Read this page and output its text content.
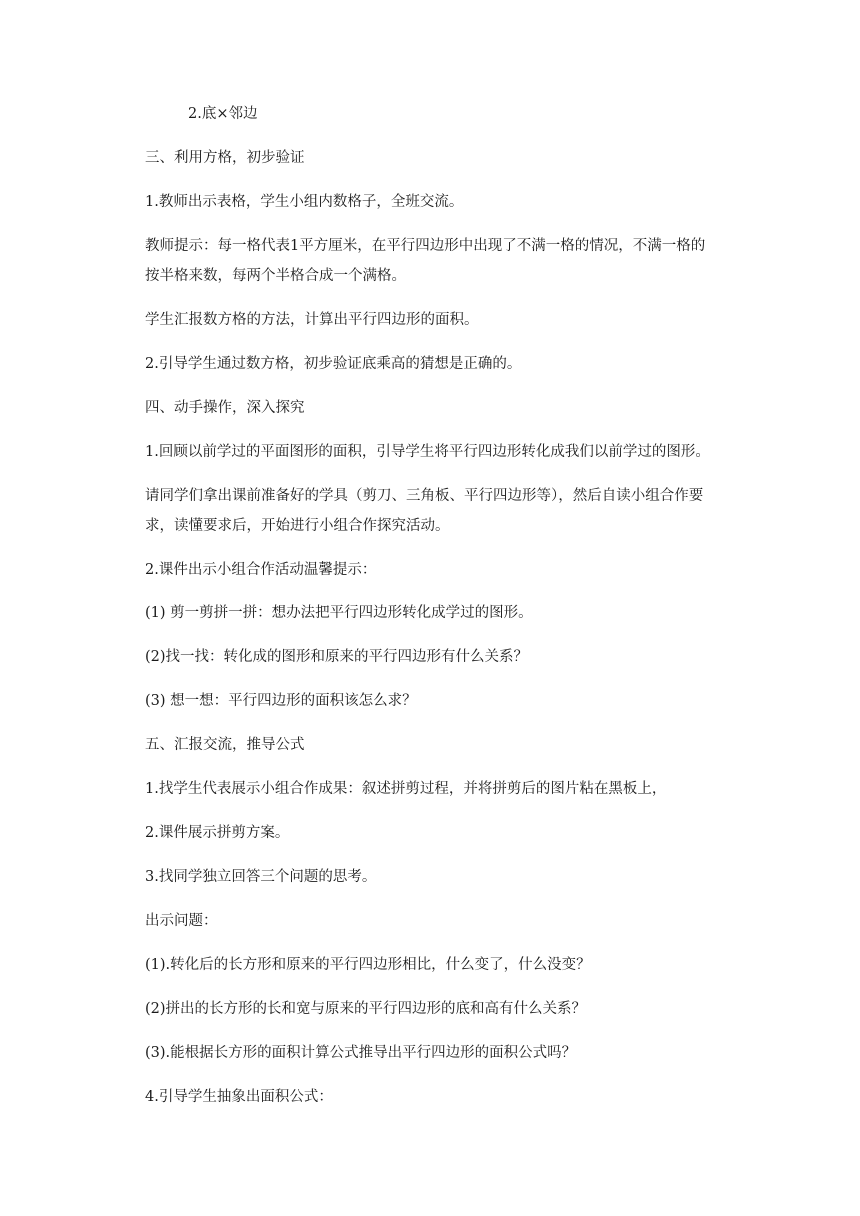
2.底×邻边
三、利用方格，初步验证
1.教师出示表格，学生小组内数格子，全班交流。
教师提示：每一格代表1平方厘米，在平行四边形中出现了不满一格的情况，不满一格的
按半格来数，每两个半格合成一个满格。
学生汇报数方格的方法，计算出平行四边形的面积。
2.引导学生通过数方格，初步验证底乘高的猜想是正确的。
四、动手操作，深入探究
1.回顾以前学过的平面图形的面积，引导学生将平行四边形转化成我们以前学过的图形。
请同学们拿出课前准备好的学具（剪刀、三角板、平行四边形等），然后自读小组合作要
求，读懂要求后，开始进行小组合作探究活动。
2.课件出示小组合作活动温馨提示：
(1) 剪一剪拼一拼：想办法把平行四边形转化成学过的图形。
(2)找一找：转化成的图形和原来的平行四边形有什么关系？
(3) 想一想：平行四边形的面积该怎么求？
五、汇报交流，推导公式
1.找学生代表展示小组合作成果：叙述拼剪过程，并将拼剪后的图片粘在黑板上，
2.课件展示拼剪方案。
3.找同学独立回答三个问题的思考。
出示问题：
(1).转化后的长方形和原来的平行四边形相比，什么变了，什么没变？
(2)拼出的长方形的长和宽与原来的平行四边形的底和高有什么关系？
(3).能根据长方形的面积计算公式推导出平行四边形的面积公式吗？
4.引导学生抽象出面积公式：
